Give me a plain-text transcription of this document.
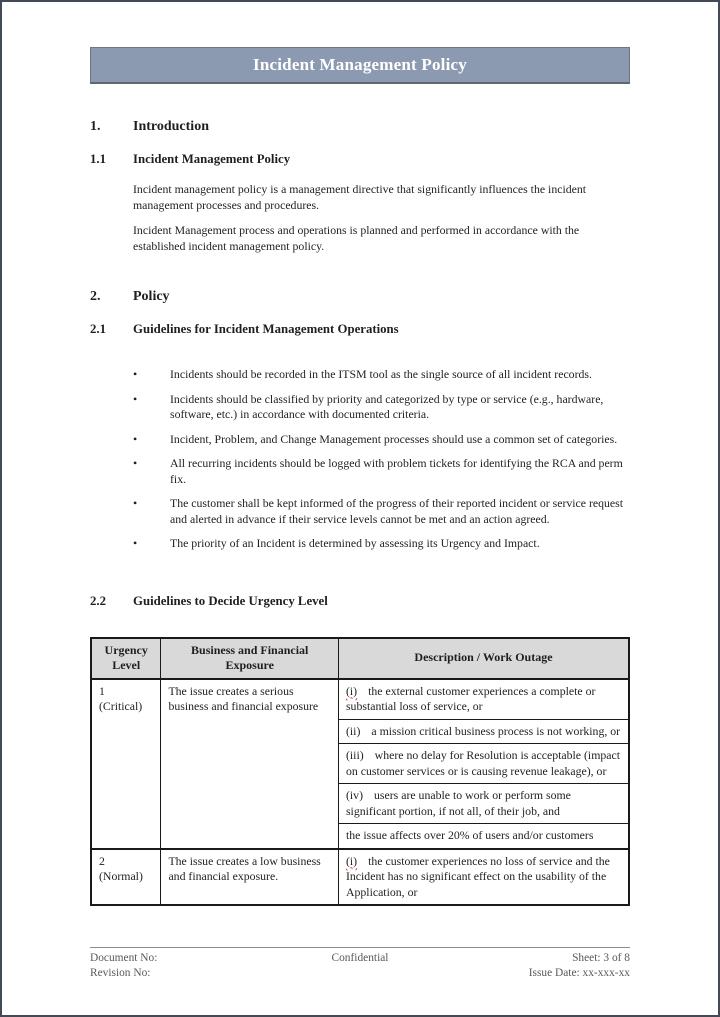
Incident Management Policy
1.	Introduction
1.1	Incident Management Policy

Incident management policy is a management directive that significantly influences the incident management processes and procedures.

Incident Management process and operations is planned and performed in accordance with the established incident management policy.

2.	Policy
2.1	Guidelines for Incident Management Operations
•
Incidents should be recorded in the ITSM tool as the single source of all incident records.
•
Incidents should be classified by priority and categorized by type or service (e.g., hardware, software, etc.) in accordance with documented criteria.
•
Incident, Problem, and Change Management processes should use a common set of categories.
•
All recurring incidents should be logged with problem tickets for identifying the RCA and perm fix.
•
The customer shall be kept informed of the progress of their reported incident or service request and alerted in advance if their service levels cannot be met and an action agreed.
•
The priority of an Incident is determined by assessing its Urgency and Impact.
2.2	Guidelines to Decide Urgency Level
Urgency Level	Business and Financial Exposure	Description / Work Outage

1
(Critical)	The issue creates a serious business and financial exposure	(i) the external customer experiences a complete or substantial loss of service, or
		(ii) a mission critical business process is not working, or
		(iii) where no delay for Resolution is acceptable (impact on customer services or is causing revenue leakage), or
		(iv) users are unable to work or perform some significant portion, if not all, of their job, and
		the issue affects over 20% of users and/or customers

2
(Normal)	The issue creates a low business and financial exposure.	(i) the customer experiences no loss of service and the Incident has no significant effect on the usability of the Application, or
Document No:
Revision No:
Confidential	Sheet: 3 of 8
Issue Date: xx-xxx-xx
